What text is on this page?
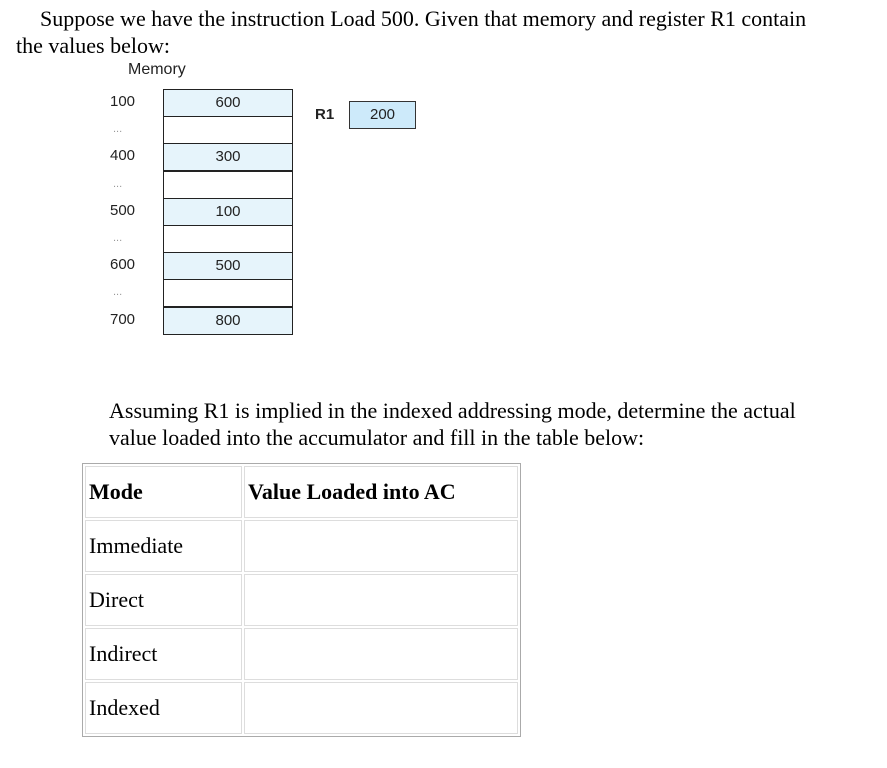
Suppose we have the instruction Load 500. Given that memory and register R1 contain
the values below:
Memory
100	600
...
400	300
...
500	100
...
600	500
...
700	800
R1	200
Assuming R1 is implied in the indexed addressing mode, determine the actual
value loaded into the accumulator and fill in the table below:
Mode	Value Loaded into AC
Immediate	
Direct	
Indirect	
Indexed	
